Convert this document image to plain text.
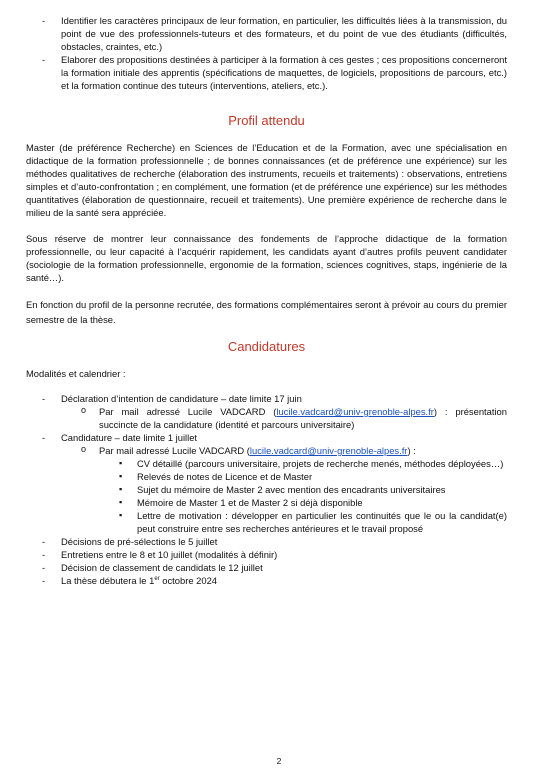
- Identifier les caractères principaux de leur formation, en particulier, les difficultés liées à la transmission, du point de vue des professionnels-tuteurs et des formateurs, et du point de vue des étudiants (difficultés, obstacles, craintes, etc.)
- Elaborer des propositions destinées à participer à la formation à ces gestes ; ces propositions concerneront la formation initiale des apprentis (spécifications de maquettes, de logiciels, propositions de parcours, etc.) et la formation continue des tuteurs (interventions, ateliers, etc.).
Profil attendu

Master (de préférence Recherche) en Sciences de l’Education et de la Formation, avec une spécialisation en didactique de la formation professionnelle ; de bonnes connaissances (et de préférence une expérience) sur les méthodes qualitatives de recherche (élaboration des instruments, recueils et traitements) : observations, entretiens simples et d’auto-confrontation ; en complément, une formation (et de préférence une expérience) sur les méthodes quantitatives (élaboration de questionnaire, recueil et traitements). Une première expérience de recherche dans le milieu de la santé sera appréciée.

Sous réserve de montrer leur connaissance des fondements de l’approche didactique de la formation professionnelle, ou leur capacité à l’acquérir rapidement, les candidats ayant d’autres profils peuvent candidater (sociologie de la formation professionnelle, ergonomie de la formation, sciences cognitives, staps, ingénierie de la santé…).

En fonction du profil de la personne recrutée, des formations complémentaires seront à prévoir au cours du premier semestre de la thèse.

Candidatures

Modalités et calendrier :

- Déclaration d’intention de candidature – date limite 17 juin
o Par mail adressé Lucile VADCARD (lucile.vadcard@univ-grenoble-alpes.fr) : présentation succincte de la candidature (identité et parcours universitaire)
- Candidature – date limite 1 juillet
o Par mail adressé Lucile VADCARD (lucile.vadcard@univ-grenoble-alpes.fr) :
▪ CV détaillé (parcours universitaire, projets de recherche menés, méthodes déployées…)
▪ Relevés de notes de Licence et de Master
▪ Sujet du mémoire de Master 2 avec mention des encadrants universitaires
▪ Mémoire de Master 1 et de Master 2 si déjà disponible
▪ Lettre de motivation : développer en particulier les continuités que le ou la candidat(e) peut construire entre ses recherches antérieures et le travail proposé
- Décisions de pré-sélections le 5 juillet
- Entretiens entre le 8 et 10 juillet (modalités à définir)
- Décision de classement de candidats le 12 juillet
- La thèse débutera le 1er octobre 2024
2
